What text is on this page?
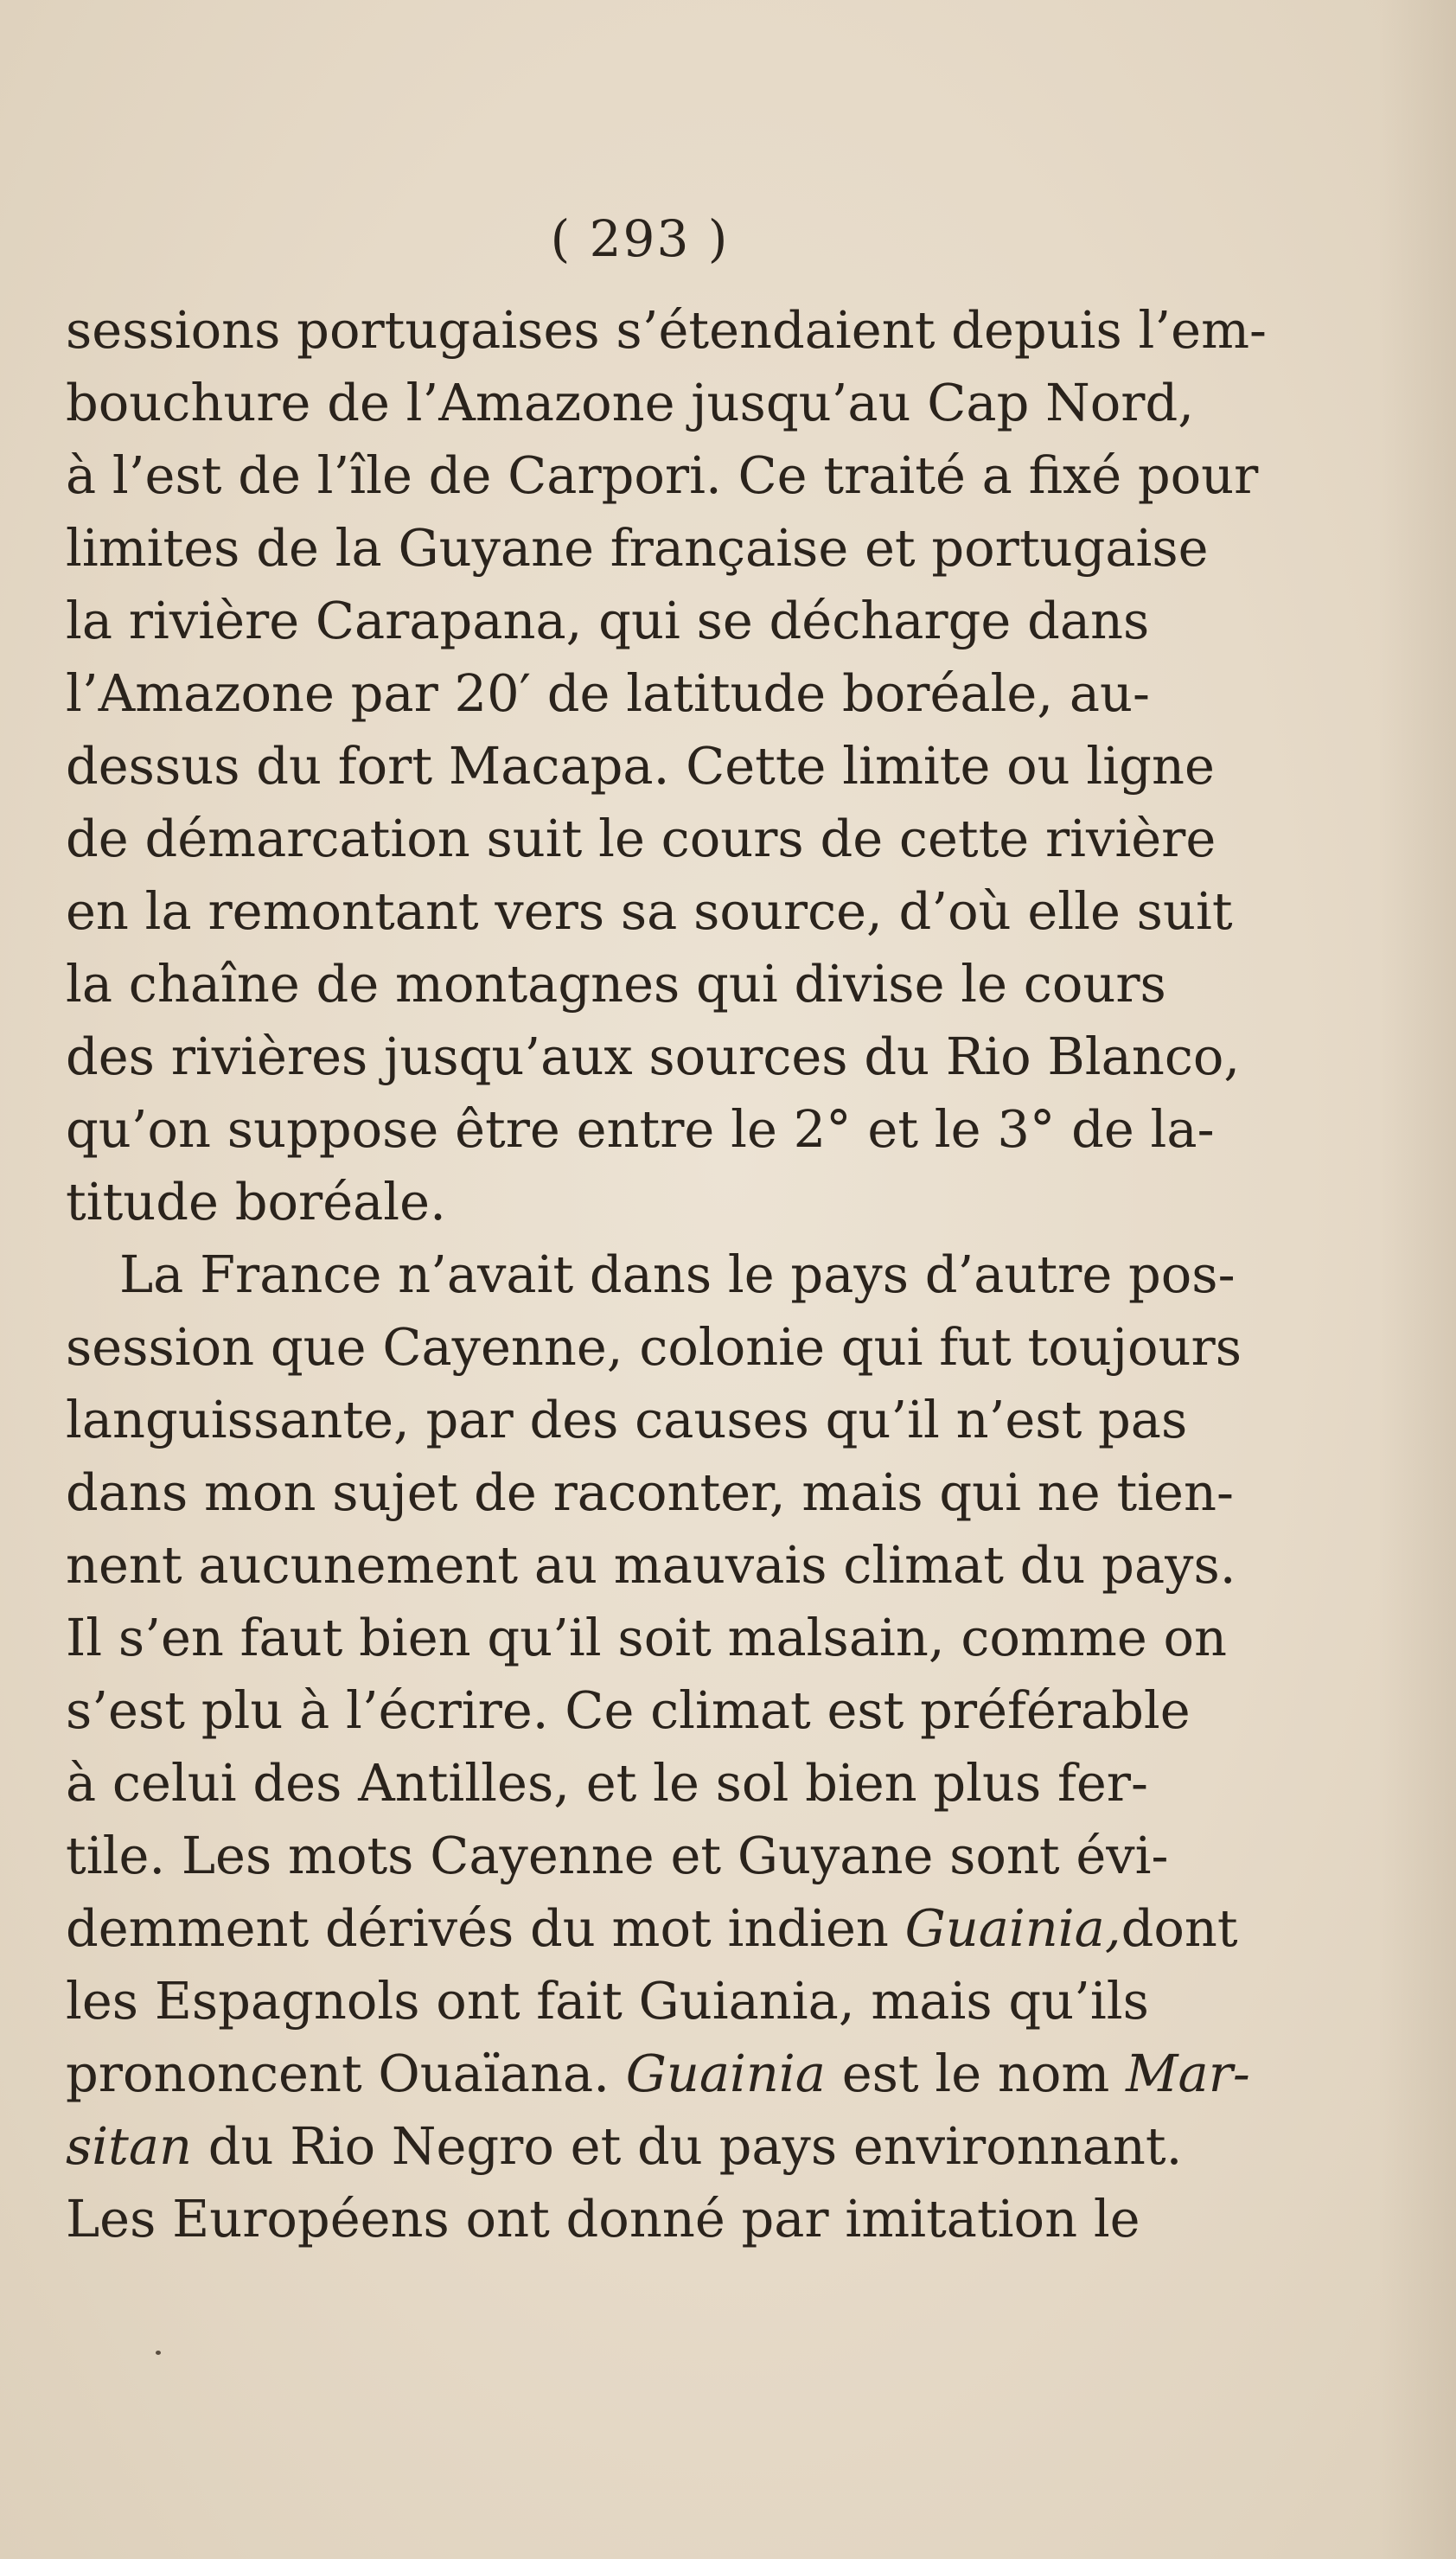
( 293 )
sessions portugaises s’étendaient depuis l’em-
bouchure de l’Amazone jusqu’au Cap Nord,
à l’est de l’île de Carpori. Ce traité a fixé pour
limites de la Guyane française et portugaise
la rivière Carapana, qui se décharge dans
l’Amazone par 20′ de latitude boréale, au-
dessus du fort Macapa. Cette limite ou ligne
de démarcation suit le cours de cette rivière
en la remontant vers sa source, d’où elle suit
la chaîne de montagnes qui divise le cours
des rivières jusqu’aux sources du Rio Blanco,
qu’on suppose être entre le 2° et le 3° de la-
titude boréale.
La France n’avait dans le pays d’autre pos-
session que Cayenne, colonie qui fut toujours
languissante, par des causes qu’il n’est pas
dans mon sujet de raconter, mais qui ne tien-
nent aucunement au mauvais climat du pays.
Il s’en faut bien qu’il soit malsain, comme on
s’est plu à l’écrire. Ce climat est préférable
à celui des Antilles, et le sol bien plus fer-
tile. Les mots Cayenne et Guyane sont évi-
demment dérivés du mot indien Guainia,dont
les Espagnols ont fait Guiania, mais qu’ils
prononcent Ouaïana. Guainia est le nom Mar-
sitan du Rio Negro et du pays environnant.
Les Européens ont donné par imitation le
